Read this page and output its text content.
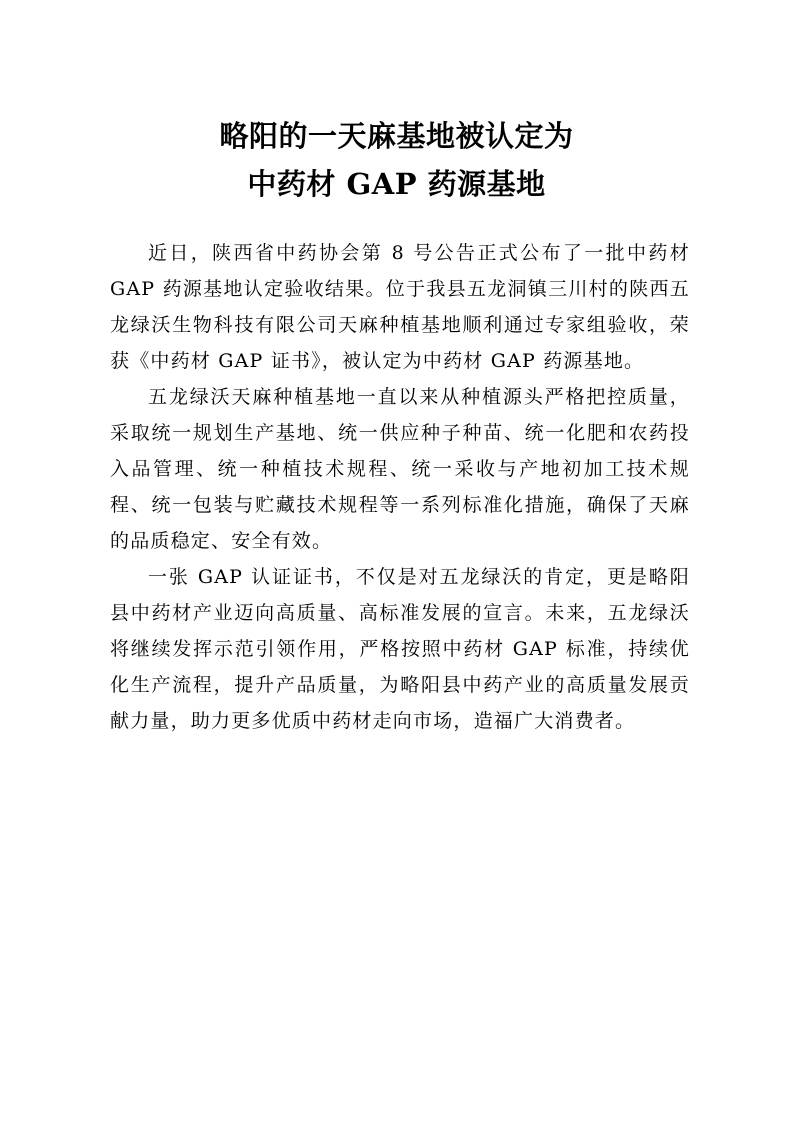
略阳的一天麻基地被认定为
中药材 GAP 药源基地

近日，陕西省中药协会第 8 号公告正式公布了一批中药材 GAP 药源基地认定验收结果。位于我县五龙洞镇三川村的陕西五龙绿沃生物科技有限公司天麻种植基地顺利通过专家组验收，荣获《中药材 GAP 证书》，被认定为中药材 GAP 药源基地。

五龙绿沃天麻种植基地一直以来从种植源头严格把控质量，采取统一规划生产基地、统一供应种子种苗、统一化肥和农药投入品管理、统一种植技术规程、统一采收与产地初加工技术规程、统一包装与贮藏技术规程等一系列标准化措施，确保了天麻的品质稳定、安全有效。

一张 GAP 认证证书，不仅是对五龙绿沃的肯定，更是略阳县中药材产业迈向高质量、高标准发展的宣言。未来，五龙绿沃将继续发挥示范引领作用，严格按照中药材 GAP 标准，持续优化生产流程，提升产品质量，为略阳县中药产业的高质量发展贡献力量，助力更多优质中药材走向市场，造福广大消费者。
